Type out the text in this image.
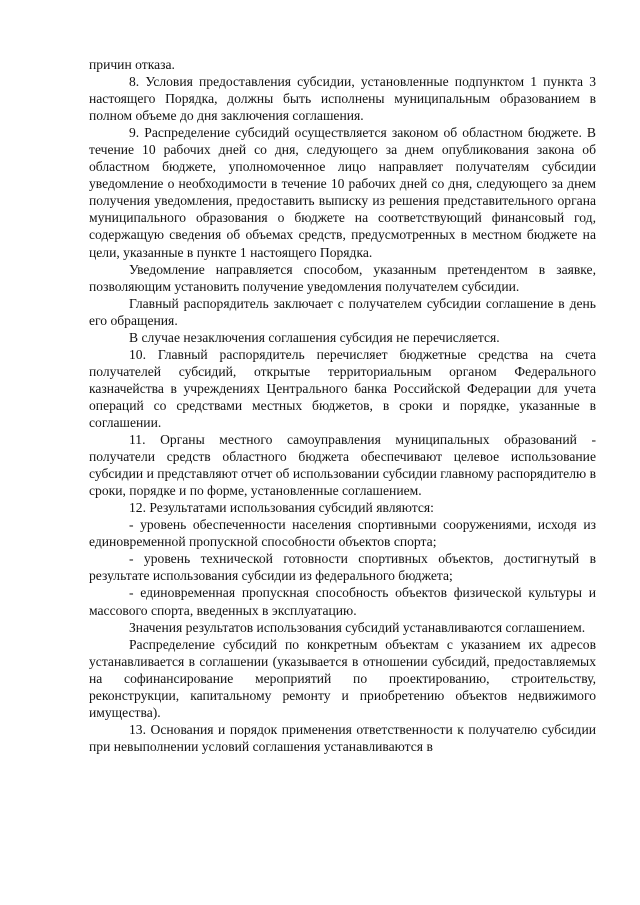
причин отказа.

8. Условия предоставления субсидии, установленные подпунктом 1 пункта 3 настоящего Порядка, должны быть исполнены муниципальным образованием в полном объеме до дня заключения соглашения.

9. Распределение субсидий осуществляется законом об областном бюджете. В течение 10 рабочих дней со дня, следующего за днем опубликования закона об областном бюджете, уполномоченное лицо направляет получателям субсидии уведомление о необходимости в течение 10 рабочих дней со дня, следующего за днем получения уведомления, предоставить выписку из решения представительного органа муниципального образования о бюджете на соответствующий финансовый год, содержащую сведения об объемах средств, предусмотренных в местном бюджете на цели, указанные в пункте 1 настоящего Порядка.

Уведомление направляется способом, указанным претендентом в заявке, позволяющим установить получение уведомления получателем субсидии.

Главный распорядитель заключает с получателем субсидии соглашение в день его обращения.

В случае незаключения соглашения субсидия не перечисляется.

10. Главный распорядитель перечисляет бюджетные средства на счета получателей субсидий, открытые территориальным органом Федерального казначейства в учреждениях Центрального банка Российской Федерации для учета операций со средствами местных бюджетов, в сроки и порядке, указанные в соглашении.

11. Органы местного самоуправления муниципальных образований - получатели средств областного бюджета обеспечивают целевое использование субсидии и представляют отчет об использовании субсидии главному распорядителю в сроки, порядке и по форме, установленные соглашением.

12. Результатами использования субсидий являются:

- уровень обеспеченности населения спортивными сооружениями, исходя из единовременной пропускной способности объектов спорта;

- уровень технической готовности спортивных объектов, достигнутый в результате использования субсидии из федерального бюджета;

- единовременная пропускная способность объектов физической культуры и массового спорта, введенных в эксплуатацию.

Значения результатов использования субсидий устанавливаются соглашением.

Распределение субсидий по конкретным объектам с указанием их адресов устанавливается в соглашении (указывается в отношении субсидий, предоставляемых на софинансирование мероприятий по проектированию, строительству, реконструкции, капитальному ремонту и приобретению объектов недвижимого имущества).

13. Основания и порядок применения ответственности к получателю субсидии при невыполнении условий соглашения устанавливаются в
